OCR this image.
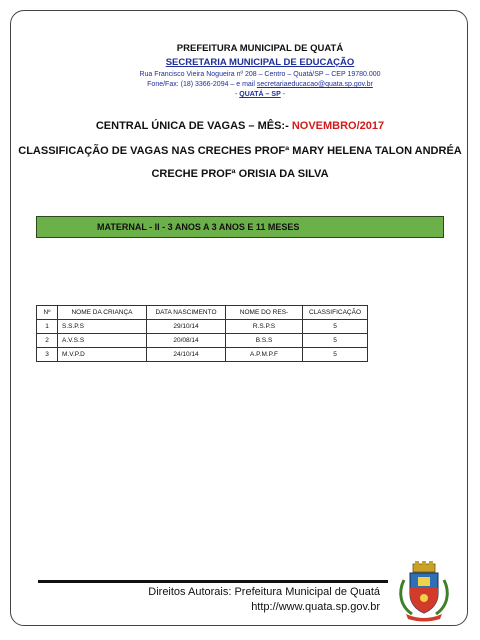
PREFEITURA MUNICIPAL DE QUATÁ
SECRETARIA MUNICIPAL DE EDUCAÇÃO
Rua Francisco Vieira Nogueira nº 208 – Centro – Quatá/SP – CEP 19780.000
Fone/Fax: (18) 3366-2094 – e mail secretariaeducacao@quata.sp.gov.br
- QUATÁ – SP -
CENTRAL ÚNICA DE VAGAS – MÊS:- NOVEMBRO/2017
CLASSIFICAÇÃO DE VAGAS NAS CRECHES PROFª MARY HELENA TALON ANDRÉA
CRECHE PROFª ORISIA DA SILVA
MATERNAL - II - 3 ANOS A 3 ANOS E 11 MESES
Nº	NOME DA CRIANÇA	DATA NASCIMENTO	NOME DO RES-	CLASSIFICAÇÃO
1	S.S.P.S	29/10/14	R.S.P.S	5
2	A.V.S.S	20/08/14	B.S.S	5
3	M.V.P.D	24/10/14	A.P.M.P.F	5
Direitos Autorais: Prefeitura Municipal de Quatá
http://www.quata.sp.gov.br
